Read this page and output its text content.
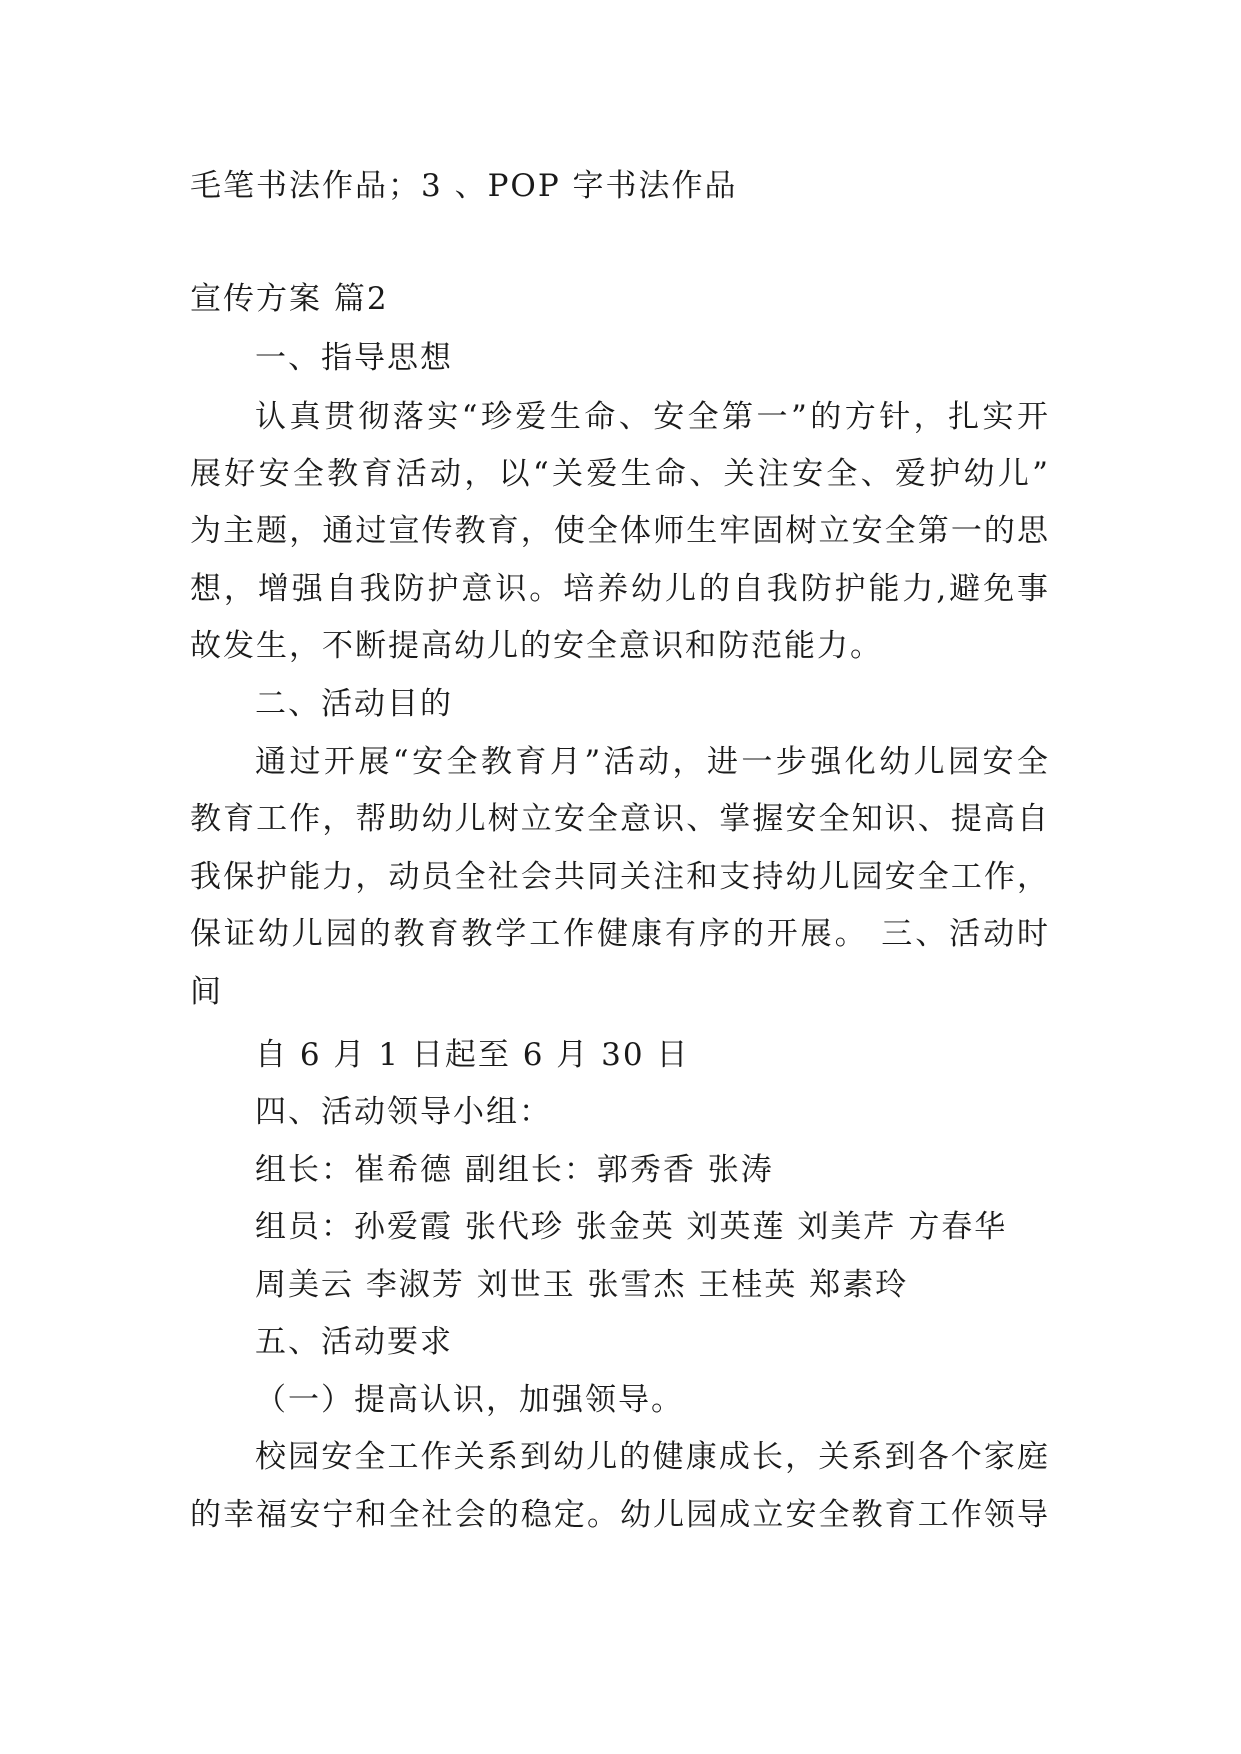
毛笔书法作品；3 、POP 字书法作品
宣传方案 篇2
一、指导思想
认真贯彻落实“珍爱生命、安全第一”的方针，扎实开
展好安全教育活动，以“关爱生命、关注安全、爱护幼儿”
为主题，通过宣传教育，使全体师生牢固树立安全第一的思
想，增强自我防护意识。培养幼儿的自我防护能力,避免事
故发生，不断提高幼儿的安全意识和防范能力。
二、活动目的
通过开展“安全教育月”活动，进一步强化幼儿园安全
教育工作，帮助幼儿树立安全意识、掌握安全知识、提高自
我保护能力，动员全社会共同关注和支持幼儿园安全工作，
保证幼儿园的教育教学工作健康有序的开展。 三、活动时
间
自 6 月 1 日起至 6 月 30 日
四、活动领导小组：
组长：崔希德 副组长：郭秀香 张涛
组员：孙爱霞 张代珍 张金英 刘英莲 刘美芹 方春华
周美云 李淑芳 刘世玉 张雪杰 王桂英 郑素玲
五、活动要求
（一）提高认识，加强领导。
校园安全工作关系到幼儿的健康成长，关系到各个家庭
的幸福安宁和全社会的稳定。幼儿园成立安全教育工作领导
